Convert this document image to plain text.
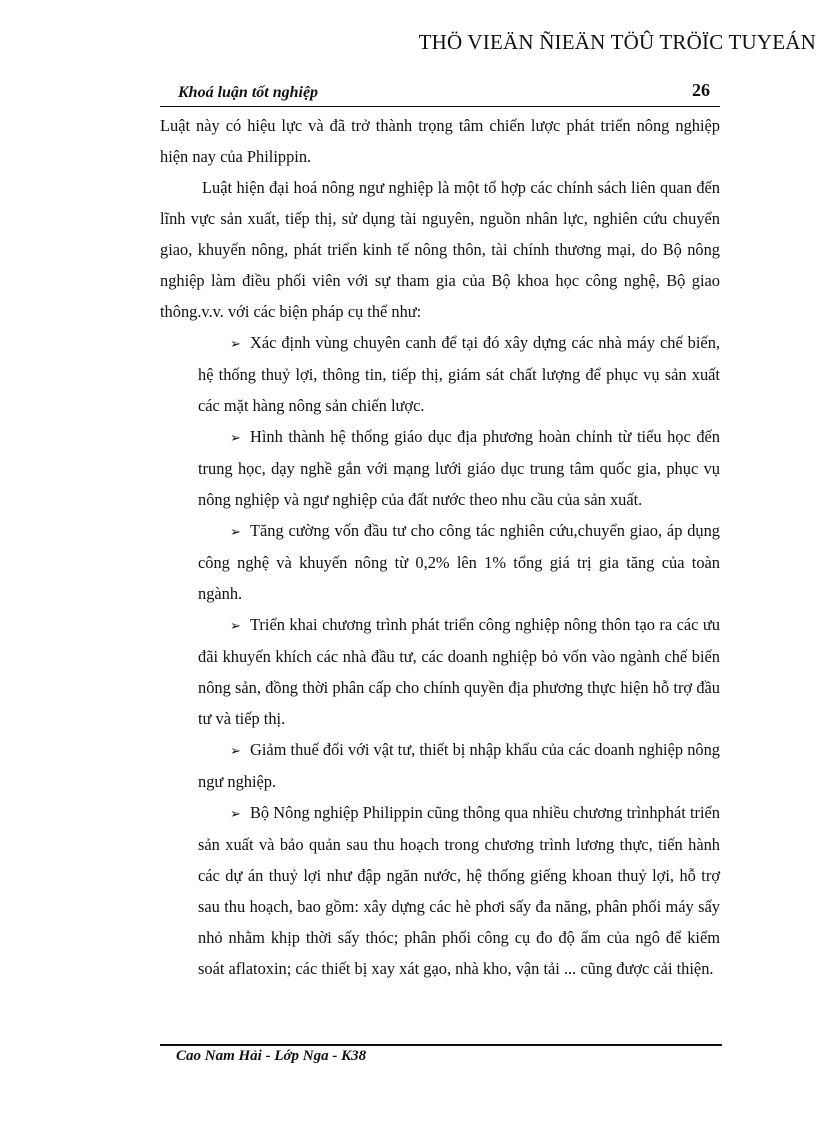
THÖ VIEÄN ÑIEÄN TÖÛ TRÖÏC TUYEÁN
Khoá luận tốt nghiệp	26

Luật này có hiệu lực và đã trở thành trọng tâm chiến lược phát triển nông nghiệp hiện nay của Philippin.

Luật hiện đại hoá nông ngư nghiệp là một tổ hợp các chính sách liên quan đến lĩnh vực sản xuất, tiếp thị, sử dụng tài nguyên, nguồn nhân lực, nghiên cứu chuyển giao, khuyến nông, phát triển kinh tế nông thôn, tài chính thương mại, do Bộ nông nghiệp làm điều phối viên với sự tham gia của Bộ khoa học công nghệ, Bộ giao thông.v.v. với các biện pháp cụ thể như:

➢ Xác định vùng chuyên canh để tại đó xây dựng các nhà máy chế biến, hệ thống thuỷ lợi, thông tin, tiếp thị, giám sát chất lượng để phục vụ sản xuất các mặt hàng nông sản chiến lược.

➢ Hình thành hệ thống giáo dục địa phương hoàn chỉnh từ tiểu học đến trung học, dạy nghề gắn với mạng lưới giáo dục trung tâm quốc gia, phục vụ nông nghiệp và ngư nghiệp của đất nước theo nhu cầu của sản xuất.

➢ Tăng cường vốn đầu tư cho công tác nghiên cứu,chuyển giao, áp dụng công nghệ và khuyến nông từ 0,2% lên 1% tổng giá trị gia tăng của toàn ngành.

➢ Triển khai chương trình phát triển công nghiệp nông thôn tạo ra các ưu đãi khuyến khích các nhà đầu tư, các doanh nghiệp bỏ vốn vào ngành chế biến nông sản, đồng thời phân cấp cho chính quyền địa phương thực hiện hỗ trợ đầu tư và tiếp thị.

➢ Giảm thuế đối với vật tư, thiết bị nhập khẩu của các doanh nghiệp nông ngư nghiệp.

➢ Bộ Nông nghiệp Philippin cũng thông qua nhiều chương trìnhphát triển sản xuất và bảo quản sau thu hoạch trong chương trình lương thực, tiến hành các dự án thuỷ lợi như đập ngăn nước, hệ thống giếng khoan thuỷ lợi, hỗ trợ sau thu hoạch, bao gồm: xây dựng các hè phơi sấy đa năng, phân phối máy sấy nhỏ nhằm khịp thời sấy thóc; phân phối công cụ đo độ ẩm của ngô để kiểm soát aflatoxin; các thiết bị xay xát gạo, nhà kho, vận tải ... cũng được cải thiện.

Cao Nam Hải - Lớp Nga - K38
